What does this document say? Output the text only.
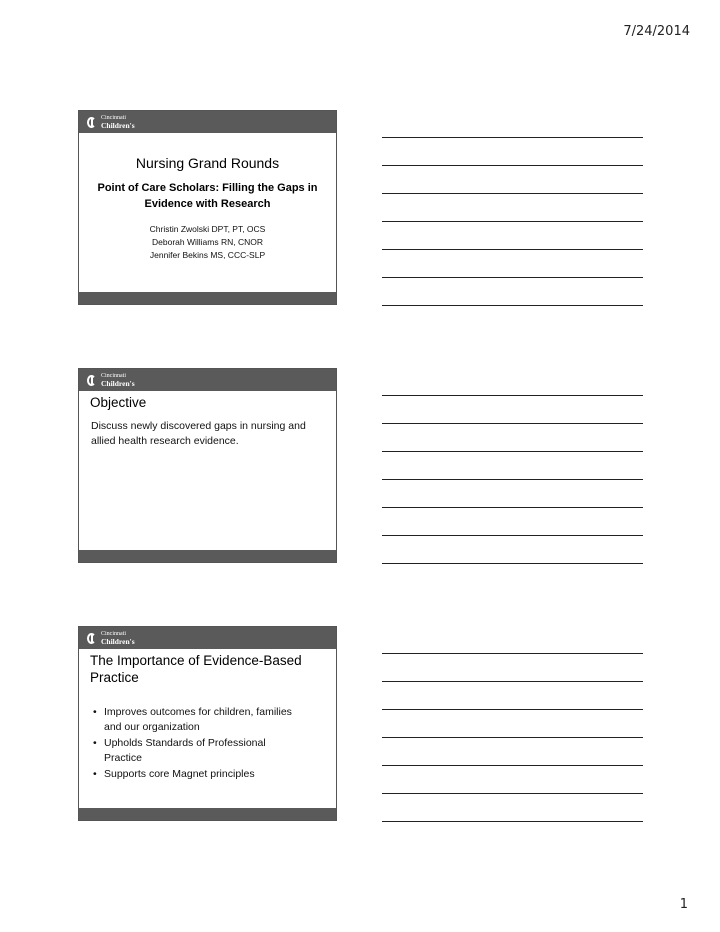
7/24/2014
Cincinnati
Children's
Nursing Grand Rounds
Point of Care Scholars: Filling the Gaps in Evidence with Research
Christin Zwolski DPT, PT, OCS
Deborah Williams RN, CNOR
Jennifer Bekins MS, CCC-SLP
Cincinnati
Children's
Objective
Discuss newly discovered gaps in nursing and allied health research evidence.
Cincinnati
Children's
The Importance of Evidence-Based Practice
• Improves outcomes for children, families and our organization
• Upholds Standards of Professional Practice
• Supports core Magnet principles
1
